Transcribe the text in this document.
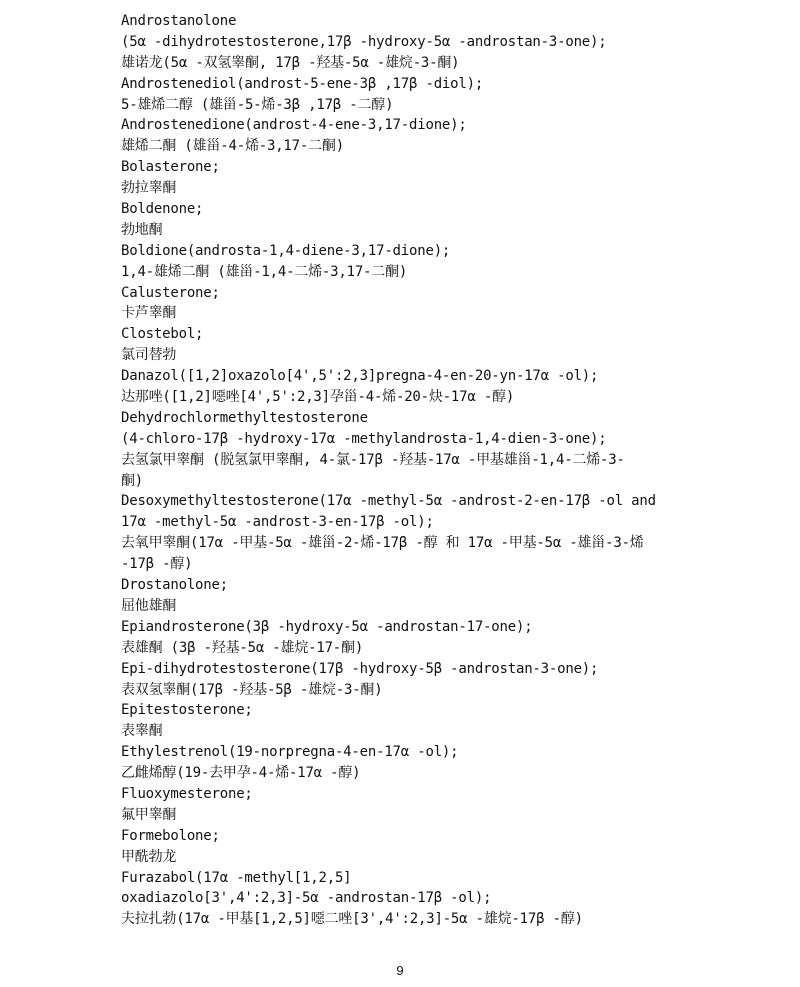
Androstanolone
(5α -dihydrotestosterone,17β -hydroxy-5α -androstan-3-one);
雄诺龙(5α -双氢睾酮, 17β -羟基-5α -雄烷-3-酮)
Androstenediol(androst-5-ene-3β ,17β -diol);
5-雄烯二醇 (雄甾-5-烯-3β ,17β -二醇)
Androstenedione(androst-4-ene-3,17-dione);
雄烯二酮 (雄甾-4-烯-3,17-二酮)
Bolasterone;
勃拉睾酮
Boldenone;
勃地酮
Boldione(androsta-1,4-diene-3,17-dione);
1,4-雄烯二酮 (雄甾-1,4-二烯-3,17-二酮)
Calusterone;
卡芦睾酮
Clostebol;
氯司替勃
Danazol([1,2]oxazolo[4',5':2,3]pregna-4-en-20-yn-17α -ol);
达那唑([1,2]噁唑[4',5':2,3]孕甾-4-烯-20-炔-17α -醇)
Dehydrochlormethyltestosterone
(4-chloro-17β -hydroxy-17α -methylandrosta-1,4-dien-3-one);
去氢氯甲睾酮 (脱氢氯甲睾酮, 4-氯-17β -羟基-17α -甲基雄甾-1,4-二烯-3-
酮)
Desoxymethyltestosterone(17α -methyl-5α -androst-2-en-17β -ol and
17α -methyl-5α -androst-3-en-17β -ol);
去氧甲睾酮(17α -甲基-5α -雄甾-2-烯-17β -醇 和 17α -甲基-5α -雄甾-3-烯
-17β -醇)
Drostanolone;
屈他雄酮
Epiandrosterone(3β -hydroxy-5α -androstan-17-one);
表雄酮 (3β -羟基-5α -雄烷-17-酮)
Epi-dihydrotestosterone(17β -hydroxy-5β -androstan-3-one);
表双氢睾酮(17β -羟基-5β -雄烷-3-酮)
Epitestosterone;
表睾酮
Ethylestrenol(19-norpregna-4-en-17α -ol);
乙雌烯醇(19-去甲孕-4-烯-17α -醇)
Fluoxymesterone;
氟甲睾酮
Formebolone;
甲酰勃龙
Furazabol(17α -methyl[1,2,5]
oxadiazolo[3',4':2,3]-5α -androstan-17β -ol);
夫拉扎勃(17α -甲基[1,2,5]噁二唑[3',4':2,3]-5α -雄烷-17β -醇)
9
